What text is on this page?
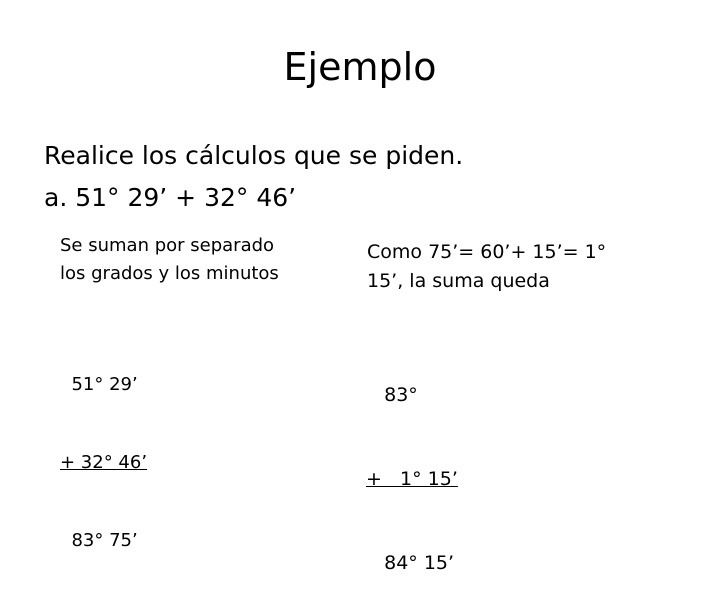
Ejemplo
Realice los cálculos que se piden.
a. 51° 29’ + 32° 46’
Se suman por separado
los grados y los minutos
Como 75’= 60’+ 15’= 1°
15’, la suma queda

51° 29’

+ 32° 46’

83° 75’

83°

+   1° 15’

84° 15’
